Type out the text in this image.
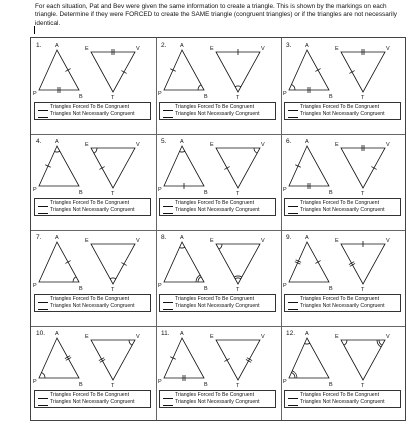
For each situation, Pat and Bev were given the same information to create a triangle. This is shown by the markings on each triangle. Determine if they were FORCED to create the SAME triangle (congruent triangles) or if the triangles are not necessarily identical.
1. A
P	B
E	V
T
Triangles Forced To Be Congruent
Triangles Not Necessarily Congruent
2. A
P	B
E	V
T
Triangles Forced To Be Congruent
Triangles Not Necessarily Congruent
3. A
P	B
E	V
T
Triangles Forced To Be Congruent
Triangles Not Necessarily Congruent
4. A
P	B
E	V
T
Triangles Forced To Be Congruent
Triangles Not Necessarily Congruent
5. A
P	B
E	V
T
Triangles Forced To Be Congruent
Triangles Not Necessarily Congruent
6. A
P	B
E	V
T
Triangles Forced To Be Congruent
Triangles Not Necessarily Congruent
7. A
P	B
E	V
T
Triangles Forced To Be Congruent
Triangles Not Necessarily Congruent
8. A
P	B
E	V
T
Triangles Forced To Be Congruent
Triangles Not Necessarily Congruent
9. A
P	B
E	V
T
Triangles Forced To Be Congruent
Triangles Not Necessarily Congruent
10. A
P	B
E	V
T
Triangles Forced To Be Congruent
Triangles Not Necessarily Congruent
11. A
P	B
E	V
T
Triangles Forced To Be Congruent
Triangles Not Necessarily Congruent
12. A
P	B
E	V
T
Triangles Forced To Be Congruent
Triangles Not Necessarily Congruent
